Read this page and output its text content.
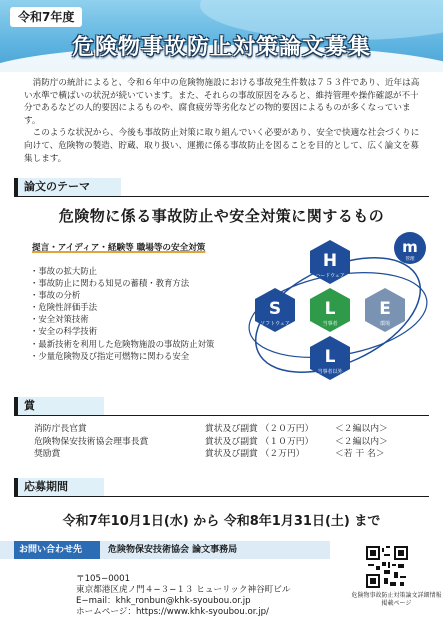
令和7年度
危険物事故防止対策論文募集

消防庁の統計によると、令和６年中の危険物施設における事故発生件数は７５３件であり、近年は高い水準で横ばいの状況が続いています。また、それらの事故原因をみると、維持管理や操作確認が不十分であるなどの人的要因によるものや、腐食疲労等劣化などの物的要因によるものが多くなっています。

このような状況から、今後も事故防止対策に取り組んでいく必要があり、安全で快適な社会づくりに向けて、危険物の製造、貯蔵、取り扱い、運搬に係る事故防止を図ることを目的として、広く論文を募集します。

論文のテーマ
危険物に係る事故防止や安全対策に関するもの
提言・アイディア・経験等 職場等の安全対策
・ 事故の拡大防止
・ 事故防止に関わる知見の蓄積・教育方法
・ 事故の分析
・ 危険性評価手法
・ 安全対策技術
・ 安全の科学技術
・ 最新技術を利用した危険物施設の事故防止対策
・ 少量危険物及び指定可燃物に関わる安全
H
ハードウェア
m
管理
S
ソフトウェア
L
当事者
E
環境
L
当事者以外
賞
消防庁長官賞	賞状及び副賞 （２０万円）	＜２編以内＞
危険物保安技術協会理事長賞	賞状及び副賞 （１０万円）	＜２編以内＞
奨励賞	賞状及び副賞 （２万円）	＜若 干 名＞
応募期間
令和7年10月1日(水) から 令和8年1月31日(土) まで
お問い合わせ先	危険物保安技術協会 論文事務局
〒105−0001
東京都港区虎ノ門４−３−１３ ヒューリック神谷町ビル
E−mail：khk_ronbun@khk-syoubou.or.jp
ホームページ：https://www.khk-syoubou.or.jp/
危険物事故防止対策論文詳細情報掲載ページ
